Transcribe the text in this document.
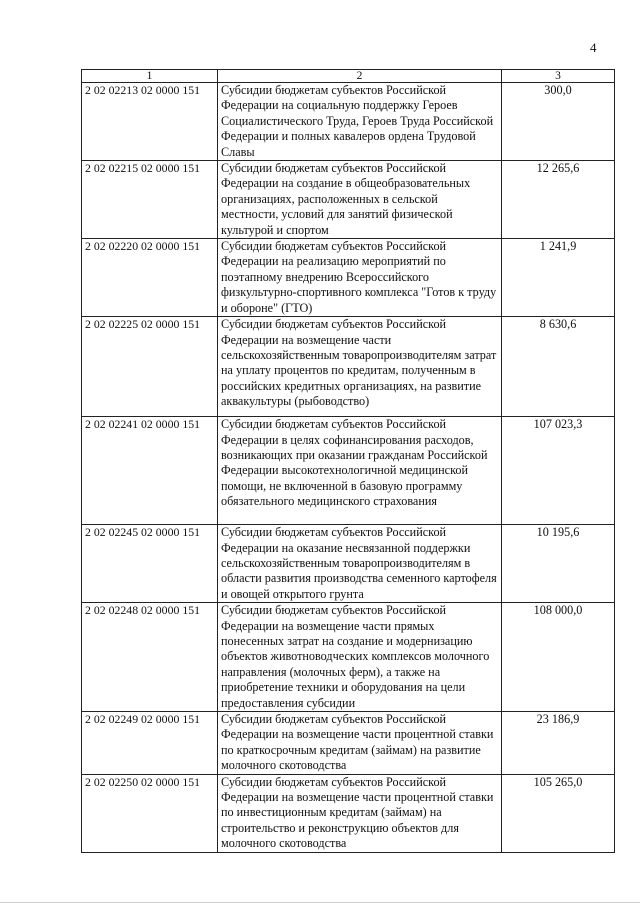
4
1	2	3
2 02 02213 02 0000 151	Субсидии бюджетам субъектов Российской Федерации на социальную поддержку Героев Социалистического Труда, Героев Труда Российской Федерации и полных кавалеров ордена Трудовой Славы	300,0
2 02 02215 02 0000 151	Субсидии бюджетам субъектов Российской Федерации на создание в общеобразовательных организациях, расположенных в сельской местности, условий для занятий физической культурой и спортом	12 265,6
2 02 02220 02 0000 151	Субсидии бюджетам субъектов Российской Федерации на реализацию мероприятий по поэтапному внедрению Всероссийского физкультурно-спортивного комплекса "Готов к труду и обороне" (ГТО)	1 241,9
2 02 02225 02 0000 151	Субсидии бюджетам субъектов Российской Федерации на возмещение части сельскохозяйственным товаропроизводителям затрат на уплату процентов по кредитам, полученным в российских кредитных организациях, на развитие аквакультуры (рыбоводство)	8 630,6
2 02 02241 02 0000 151	Субсидии бюджетам субъектов Российской Федерации в целях софинансирования расходов, возникающих при оказании гражданам Российской Федерации высокотехнологичной медицинской помощи, не включенной в базовую программу обязательного медицинского страхования	107 023,3
2 02 02245 02 0000 151	Субсидии бюджетам субъектов Российской Федерации на оказание несвязанной поддержки сельскохозяйственным товаропроизводителям в области развития производства семенного картофеля и овощей открытого грунта	10 195,6
2 02 02248 02 0000 151	Субсидии бюджетам субъектов Российской Федерации на возмещение части прямых понесенных затрат на создание и модернизацию объектов животноводческих комплексов молочного направления (молочных ферм), а также на приобретение техники и оборудования на цели предоставления субсидии	108 000,0
2 02 02249 02 0000 151	Субсидии бюджетам субъектов Российской Федерации на возмещение части процентной ставки по краткосрочным кредитам (займам) на развитие молочного скотоводства	23 186,9
2 02 02250 02 0000 151	Субсидии бюджетам субъектов Российской Федерации на возмещение части процентной ставки по инвестиционным кредитам (займам) на строительство и реконструкцию объектов для молочного скотоводства	105 265,0
